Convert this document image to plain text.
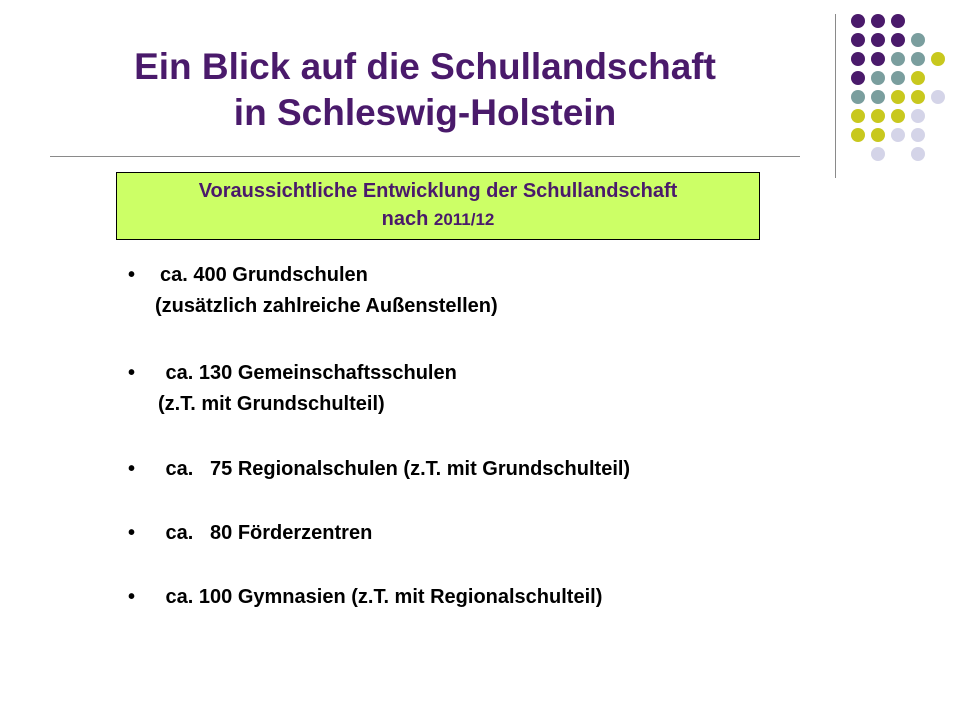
Ein Blick auf die Schullandschaft
in Schleswig-Holstein
Voraussichtliche Entwicklung der Schullandschaft
nach 2011/12
• ca. 400 Grundschulen
(zusätzlich zahlreiche Außenstellen)
• ca. 130 Gemeinschaftsschulen
(z.T. mit Grundschulteil)
• ca.   75 Regionalschulen (z.T. mit Grundschulteil)
• ca.   80 Förderzentren
• ca. 100 Gymnasien (z.T. mit Regionalschulteil)
